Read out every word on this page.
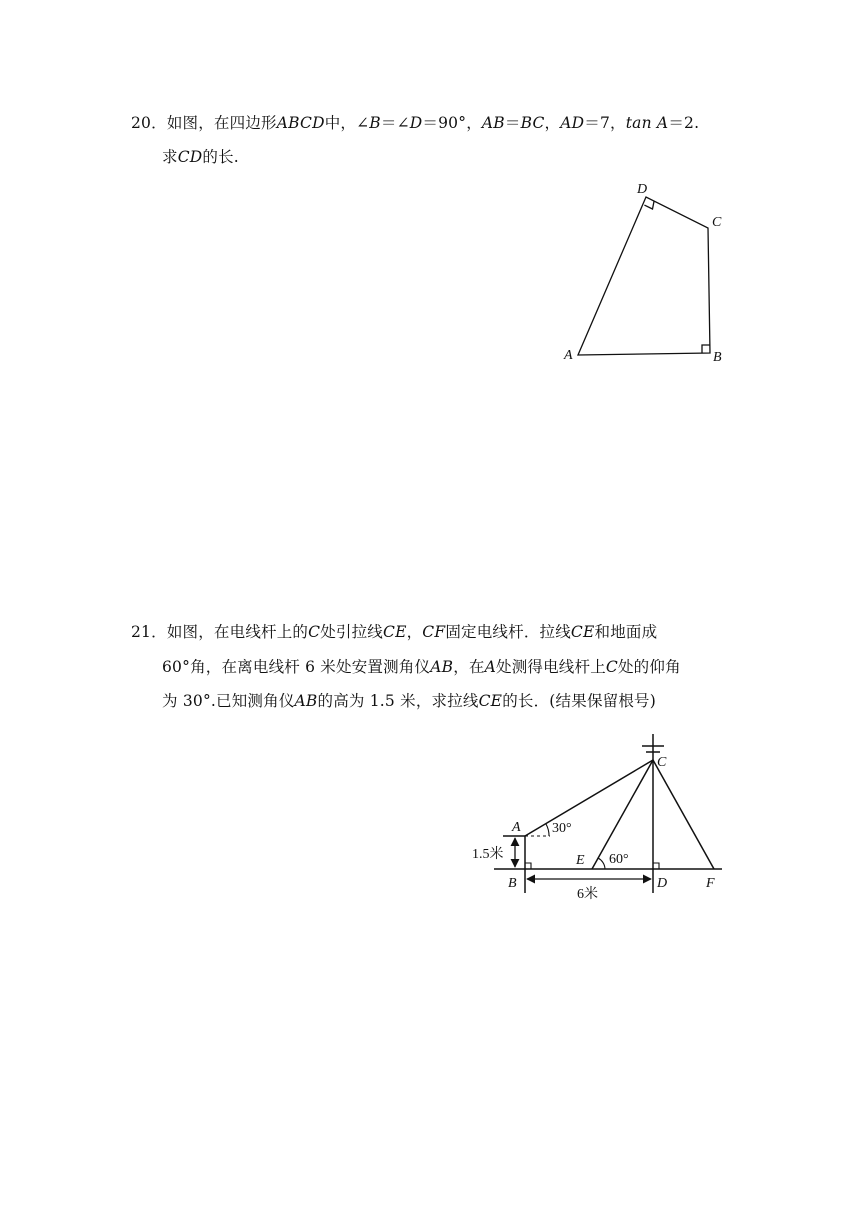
20．如图，在四边形ABCD中，∠B＝∠D＝90°，AB＝BC，AD＝7，tan A＝2.
求CD的长.
A	B
C
D
21．如图，在电线杆上的C处引拉线CE，CF固定电线杆．拉线CE和地面成
60°角，在离电线杆 6 米处安置测角仪AB，在A处测得电线杆上C处的仰角
为 30°.已知测角仪AB的高为 1.5 米，求拉线CE的长．(结果保留根号)
A
B
C
D
E
F
30°
60°
1.5米
6米
